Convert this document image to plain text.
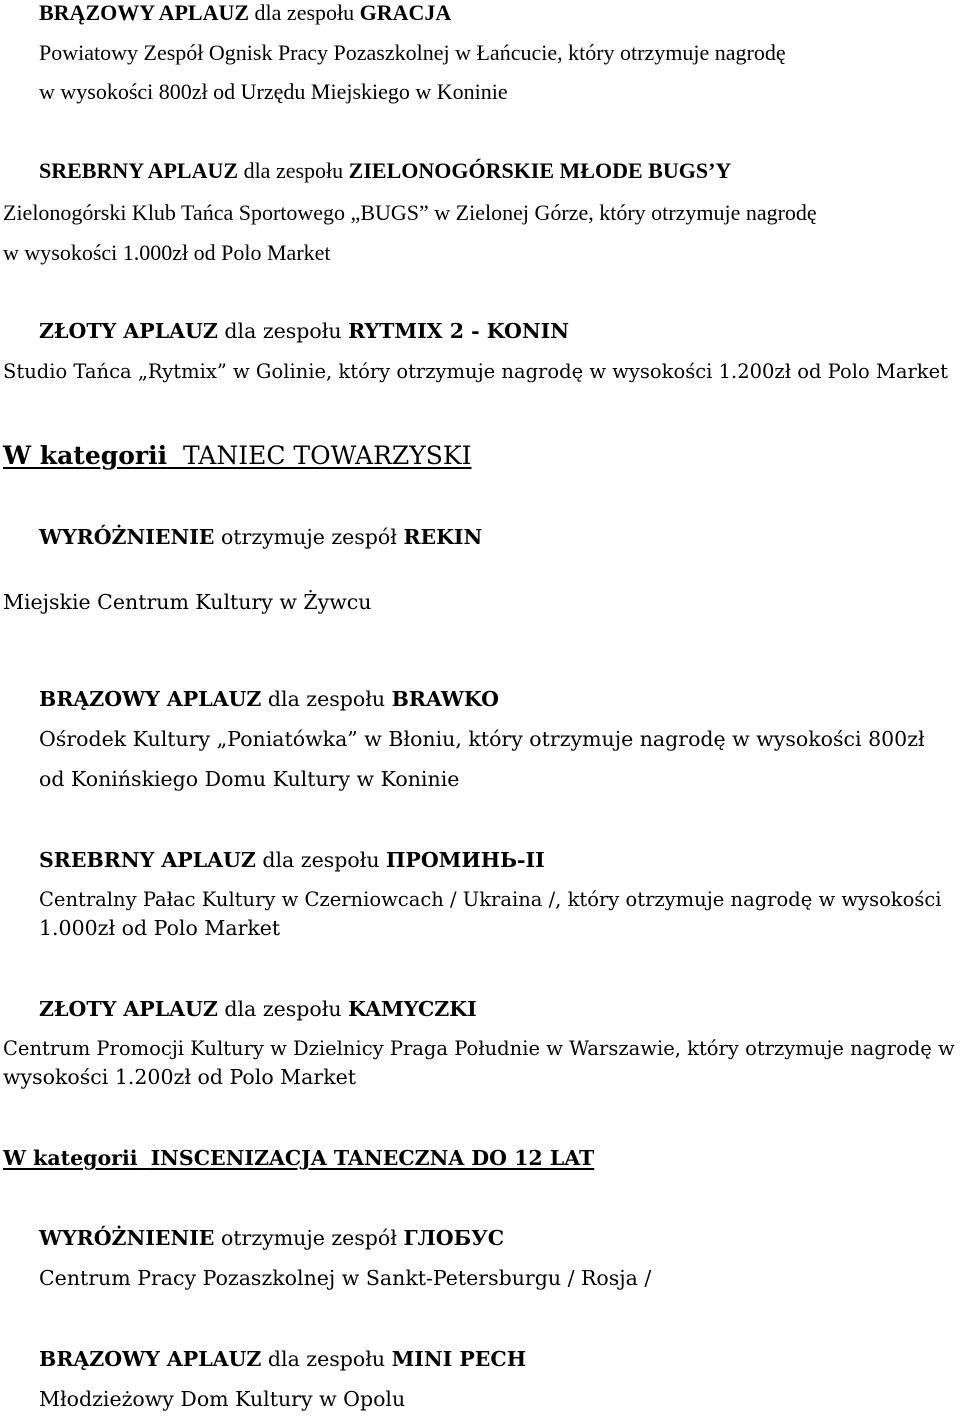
BRĄZOWY APLAUZ dla zespołu GRACJA
Powiatowy Zespół Ognisk Pracy Pozaszkolnej w Łańcucie, który otrzymuje nagrodę
w wysokości 800zł od Urzędu Miejskiego w Koninie
SREBRNY APLAUZ dla zespołu ZIELONOGÓRSKIE MŁODE BUGS’Y
Zielonogórski Klub Tańca Sportowego „BUGS” w Zielonej Górze, który otrzymuje nagrodę
w wysokości 1.000zł od Polo Market
ZŁOTY APLAUZ dla zespołu RYTMIX 2 - KONIN
Studio Tańca „Rytmix” w Golinie, który otrzymuje nagrodę w wysokości 1.200zł od Polo Market
W kategorii TANIEC TOWARZYSKI
WYRÓŻNIENIE otrzymuje zespół REKIN
Miejskie Centrum Kultury w Żywcu
BRĄZOWY APLAUZ dla zespołu BRAWKO
Ośrodek Kultury „Poniatówka” w Błoniu, który otrzymuje nagrodę w wysokości 800zł
od Konińskiego Domu Kultury w Koninie
SREBRNY APLAUZ dla zespołu ПРОМИНЬ-II
Centralny Pałac Kultury w Czerniowcach / Ukraina /, który otrzymuje nagrodę w wysokości
1.000zł od Polo Market
ZŁOTY APLAUZ dla zespołu KAMYCZKI
Centrum Promocji Kultury w Dzielnicy Praga Południe w Warszawie, który otrzymuje nagrodę w
wysokości 1.200zł od Polo Market
W kategorii INSCENIZACJA TANECZNA DO 12 LAT
WYRÓŻNIENIE otrzymuje zespół ГЛОБУС
Centrum Pracy Pozaszkolnej w Sankt-Petersburgu / Rosja /
BRĄZOWY APLAUZ dla zespołu MINI PECH
Młodzieżowy Dom Kultury w Opolu
